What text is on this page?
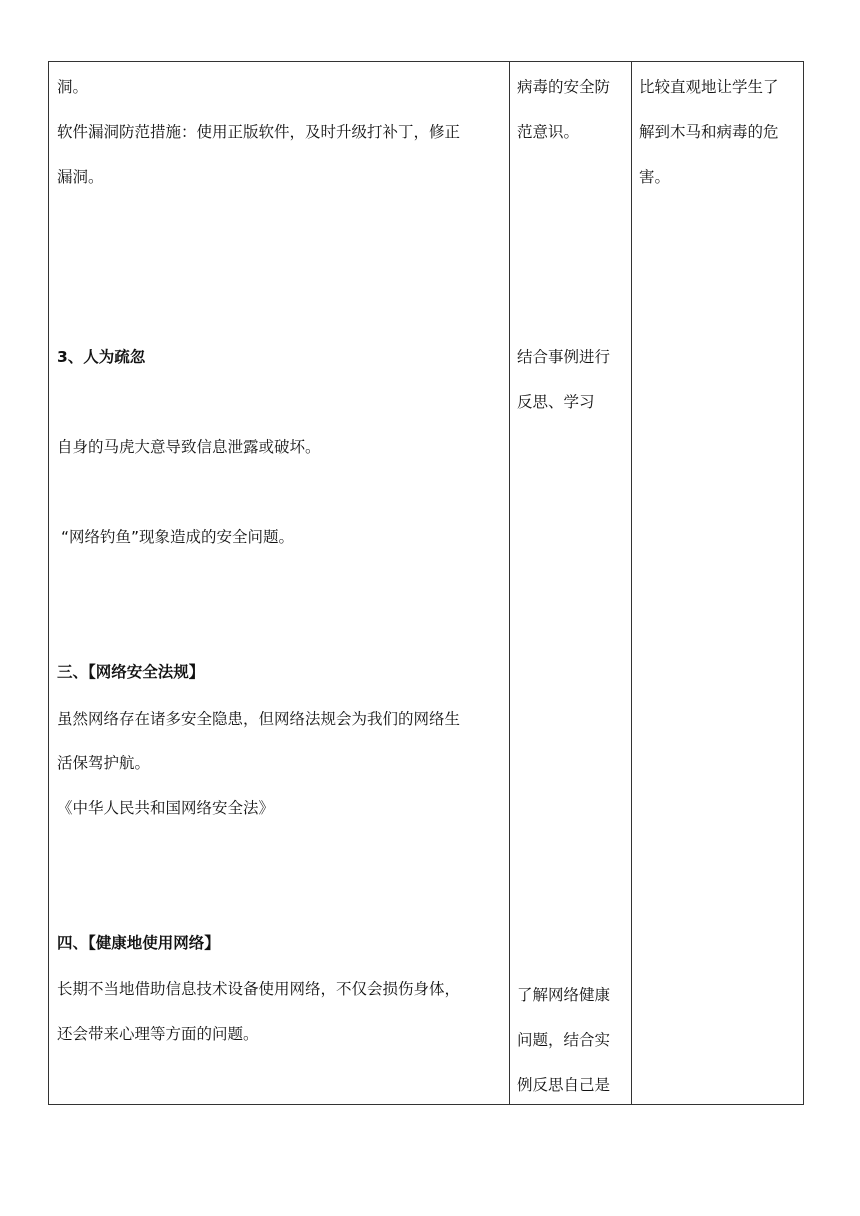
洞。
软件漏洞防范措施：使用正版软件，及时升级打补丁，修正
漏洞。
3、人为疏忽
自身的马虎大意导致信息泄露或破坏。
“网络钓鱼”现象造成的安全问题。
三、【网络安全法规】
虽然网络存在诸多安全隐患，但网络法规会为我们的网络生
活保驾护航。
《中华人民共和国网络安全法》
四、【健康地使用网络】
长期不当地借助信息技术设备使用网络，不仅会损伤身体，
还会带来心理等方面的问题。
病毒的安全防
范意识。
结合事例进行
反思、学习
了解网络健康
问题，结合实
例反思自己是
比较直观地让学生了
解到木马和病毒的危
害。
